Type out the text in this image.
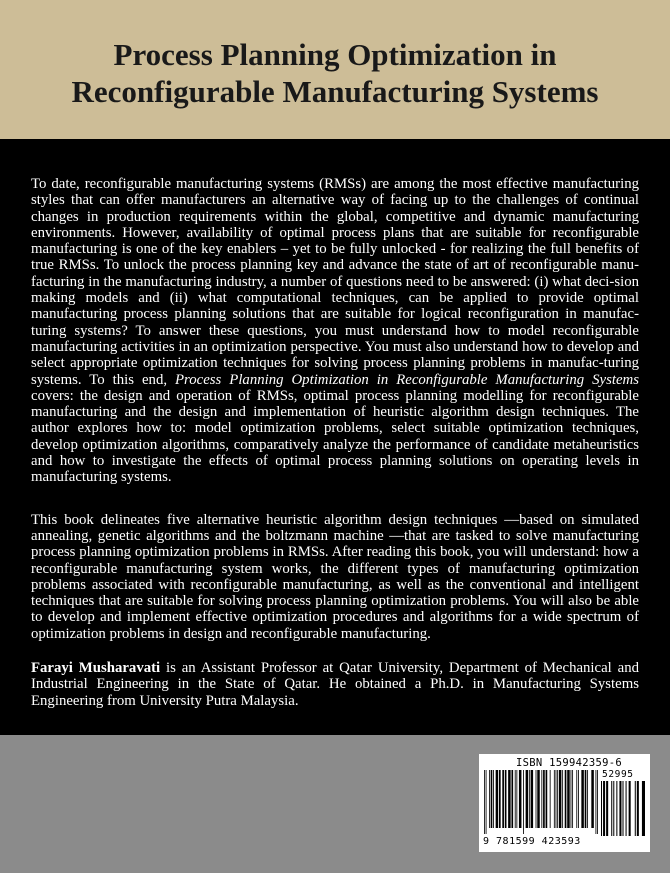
Process Planning Optimization in
Reconfigurable Manufacturing Systems

To date, reconfigurable manufacturing systems (RMSs) are among the most effective manufacturing styles that can offer manufacturers an alternative way of facing up to the challenges of continual changes in production requirements within the global, competitive and dynamic manufacturing environments. However, availability of optimal process plans that are suitable for reconfigurable manufacturing is one of the key enablers – yet to be fully unlocked - for realizing the full benefits of true RMSs. To unlock the process planning key and advance the state of art of reconfigurable manu-facturing in the manufacturing industry, a number of questions need to be answered: (i) what deci-sion making models and (ii) what computational techniques, can be applied to provide optimal manufacturing process planning solutions that are suitable for logical reconfiguration in manufac-turing systems? To answer these questions, you must understand how to model reconfigurable manufacturing activities in an optimization perspective. You must also understand how to develop and select appropriate optimization techniques for solving process planning problems in manufac-turing systems. To this end, Process Planning Optimization in Reconfigurable Manufacturing Systems covers: the design and operation of RMSs, optimal process planning modelling for reconfigurable manufacturing and the design and implementation of heuristic algorithm design techniques. The author explores how to: model optimization problems, select suitable optimization techniques, develop optimization algorithms, comparatively analyze the performance of candidate metaheuristics and how to investigate the effects of optimal process planning solutions on operating levels in manufacturing systems.

This book delineates five alternative heuristic algorithm design techniques —based on simulated annealing, genetic algorithms and the boltzmann machine —that are tasked to solve manufacturing process planning optimization problems in RMSs. After reading this book, you will understand: how a reconfigurable manufacturing system works, the different types of manufacturing optimization problems associated with reconfigurable manufacturing, as well as the conventional and intelligent techniques that are suitable for solving process planning optimization problems. You will also be able to develop and implement effective optimization procedures and algorithms for a wide spectrum of optimization problems in design and reconfigurable manufacturing.

Farayi Musharavati is an Assistant Professor at Qatar University, Department of Mechanical and Industrial Engineering in the State of Qatar. He obtained a Ph.D. in Manufacturing Systems Engineering from University Putra Malaysia.

ISBN 159942359-6
52995
9 781599 423593
